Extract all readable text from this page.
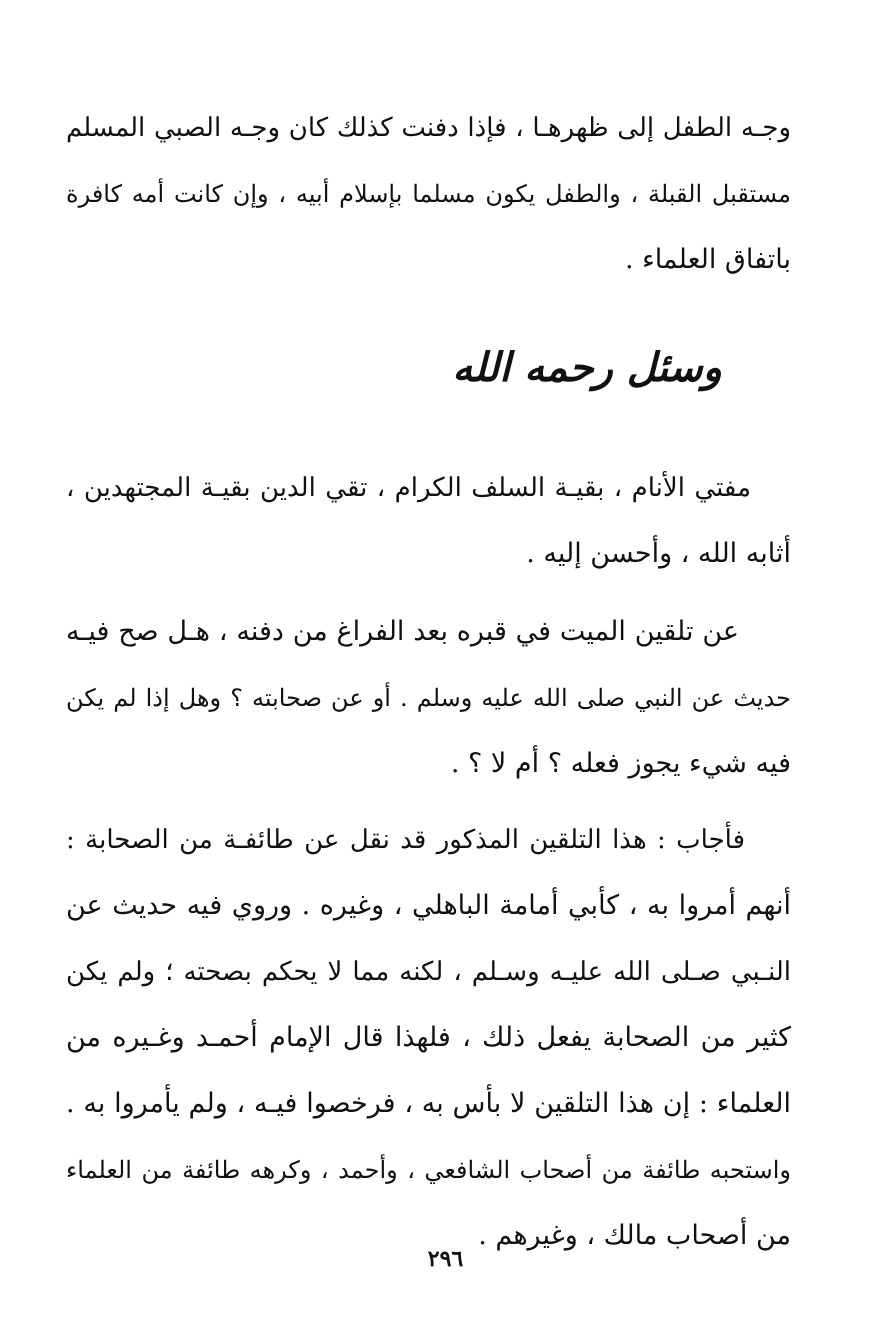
وجـه الطفل إلى ظهرهـا ، فإذا دفنت كذلك كان وجـه الصبي المسلم
مستقبل القبلة ، والطفل يكون مسلما بإسلام أبيه ، وإن كانت أمه كافرة
باتفاق العلماء .
وسئل رحمه الله
مفتي الأنام ، بقيـة السلف الكرام ، تقي الدين بقيـة المجتهدين ،
أثابه الله ، وأحسن إليه .
عن تلقين الميت في قبره بعد الفراغ من دفنه ، هـل صح فيـه
حديث عن النبي صلى الله عليه وسلم . أو عن صحابته ؟ وهل إذا لم يكن
فيه شيء يجوز فعله ؟ أم لا ؟ .
فأجاب : هذا التلقين المذكور قد نقل عن طائفـة من الصحابة :
أنهم أمروا به ، كأبي أمامة الباهلي ، وغيره . وروي فيه حديث عن
النـبي صـلى الله عليـه وسـلم ، لكنه مما لا يحكم بصحته ؛ ولم يكن
كثير من الصحابة يفعل ذلك ، فلهذا قال الإمام أحمـد وغـيره من
العلماء : إن هذا التلقين لا بأس به ، فرخصوا فيـه ، ولم يأمروا به .
واستحبه طائفة من أصحاب الشافعي ، وأحمد ، وكرهه طائفة من العلماء
من أصحاب مالك ، وغيرهم .
٢٩٦
